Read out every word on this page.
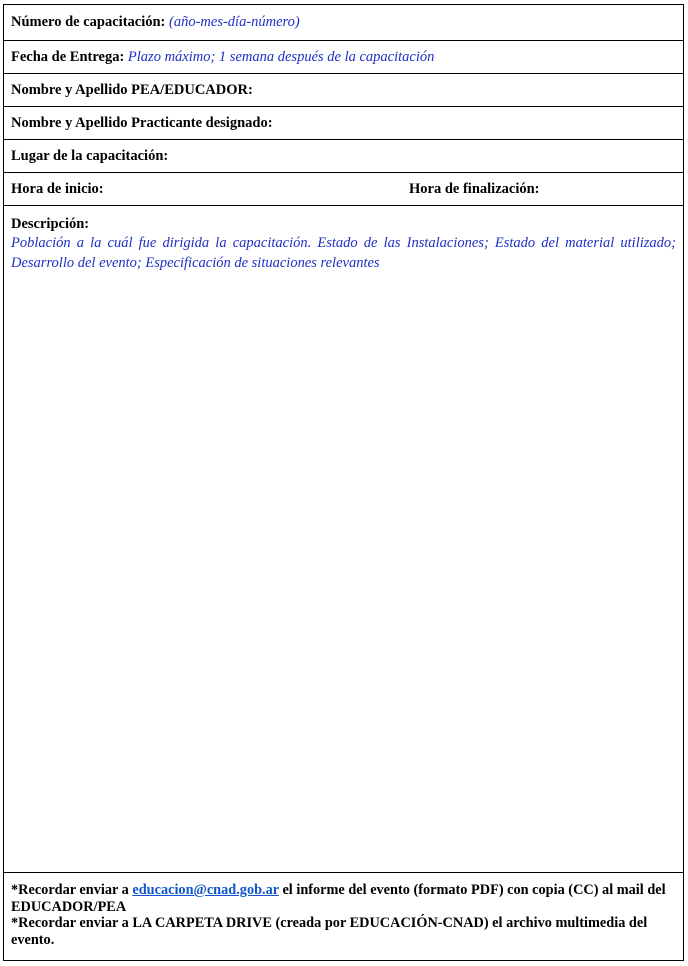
Número de capacitación:
(año-mes-día-número)
Fecha de Entrega:
Plazo máximo; 1 semana después de la capacitación
Nombre y Apellido PEA/EDUCADOR:
Nombre y Apellido Practicante designado:
Lugar de la capacitación:
Hora de inicio:	Hora de finalización:
Descripción:

Población a la cuál fue dirigida la capacitación. Estado de las Instalaciones; Estado del material utilizado; Desarrollo del evento; Especificación de situaciones relevantes

*Recordar enviar a educacion@cnad.gob.ar el informe del evento (formato PDF) con copia (CC) al mail del EDUCADOR/PEA

*Recordar enviar a LA CARPETA DRIVE (creada por EDUCACIÓN-CNAD) el archivo multimedia del evento.
